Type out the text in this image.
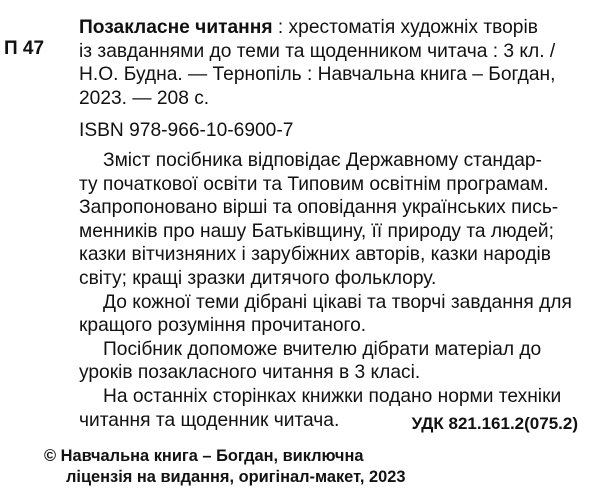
П 47
Позакласне читання : хрестоматія художніх творів
із завданнями до теми та щоденником читача : 3 кл. /
Н.О. Будна. — Тернопіль : Навчальна книга – Богдан,
2023. — 208 с.
ISBN 978-966-10-6900-7
Зміст посібника відповідає Державному стандар-
ту початкової освіти та Типовим освітнім програмам.
Запропоновано вірші та оповідання українських пись-
менників про нашу Батьківщину, її природу та людей;
казки вітчизняних і зарубіжних авторів, казки народів
світу; кращі зразки дитячого фольклору.
До кожної теми дібрані цікаві та творчі завдання для
кращого розуміння прочитаного.
Посібник допоможе вчителю дібрати матеріал до
уроків позакласного читання в 3 класі.
На останніх сторінках книжки подано норми техніки
читання та щоденник читача.	УДК 821.161.2(075.2)
© Навчальна книга – Богдан, виключна
ліцензія на видання, оригінал-макет, 2023
